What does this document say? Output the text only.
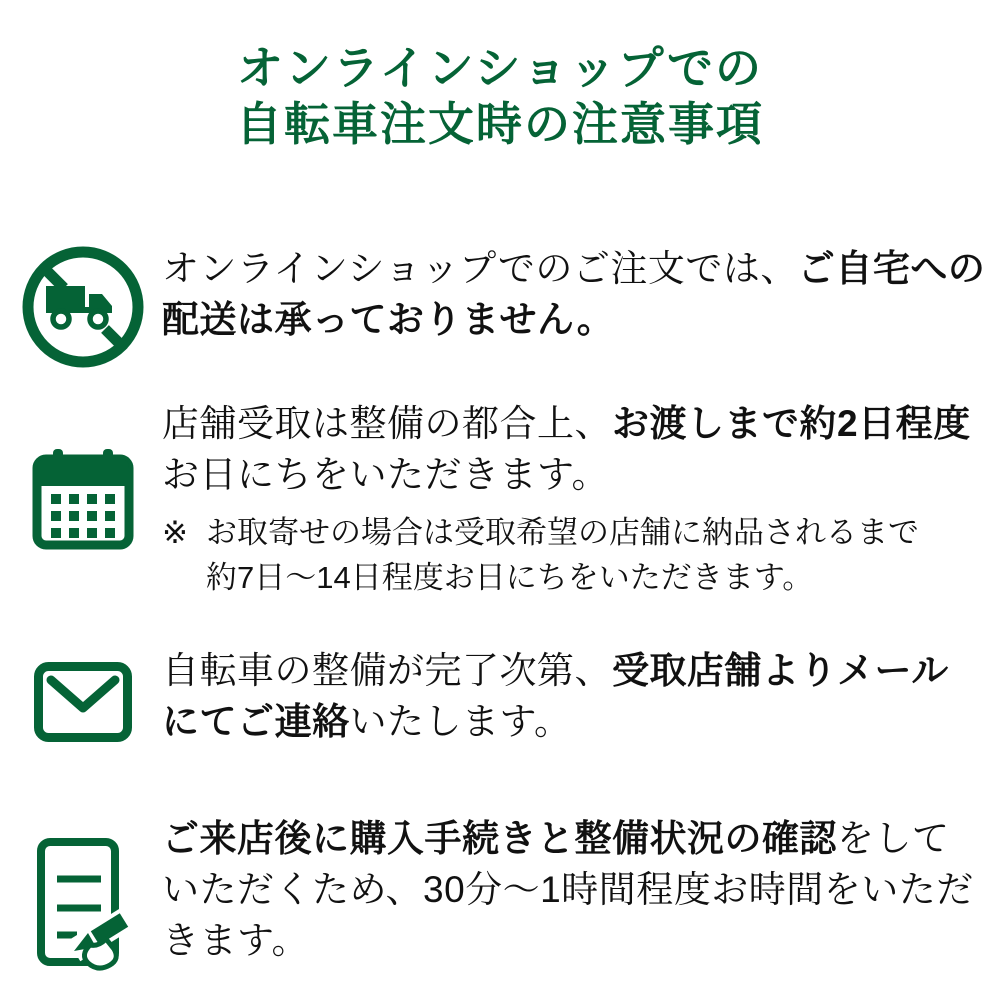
オンラインショップでの
自転車注文時の注意事項

オンラインショップでのご注文では、ご自宅への配送は承っておりません。

店舗受取は整備の都合上、お渡しまで約2日程度お日にちをいただきます。

※ お取寄せの場合は受取希望の店舗に納品されるまで
約7日〜14日程度お日にちをいただきます。

自転車の整備が完了次第、受取店舗よりメールにてご連絡いたします。

ご来店後に購入手続きと整備状況の確認をしていただくため、30分〜1時間程度お時間をいただきます。
